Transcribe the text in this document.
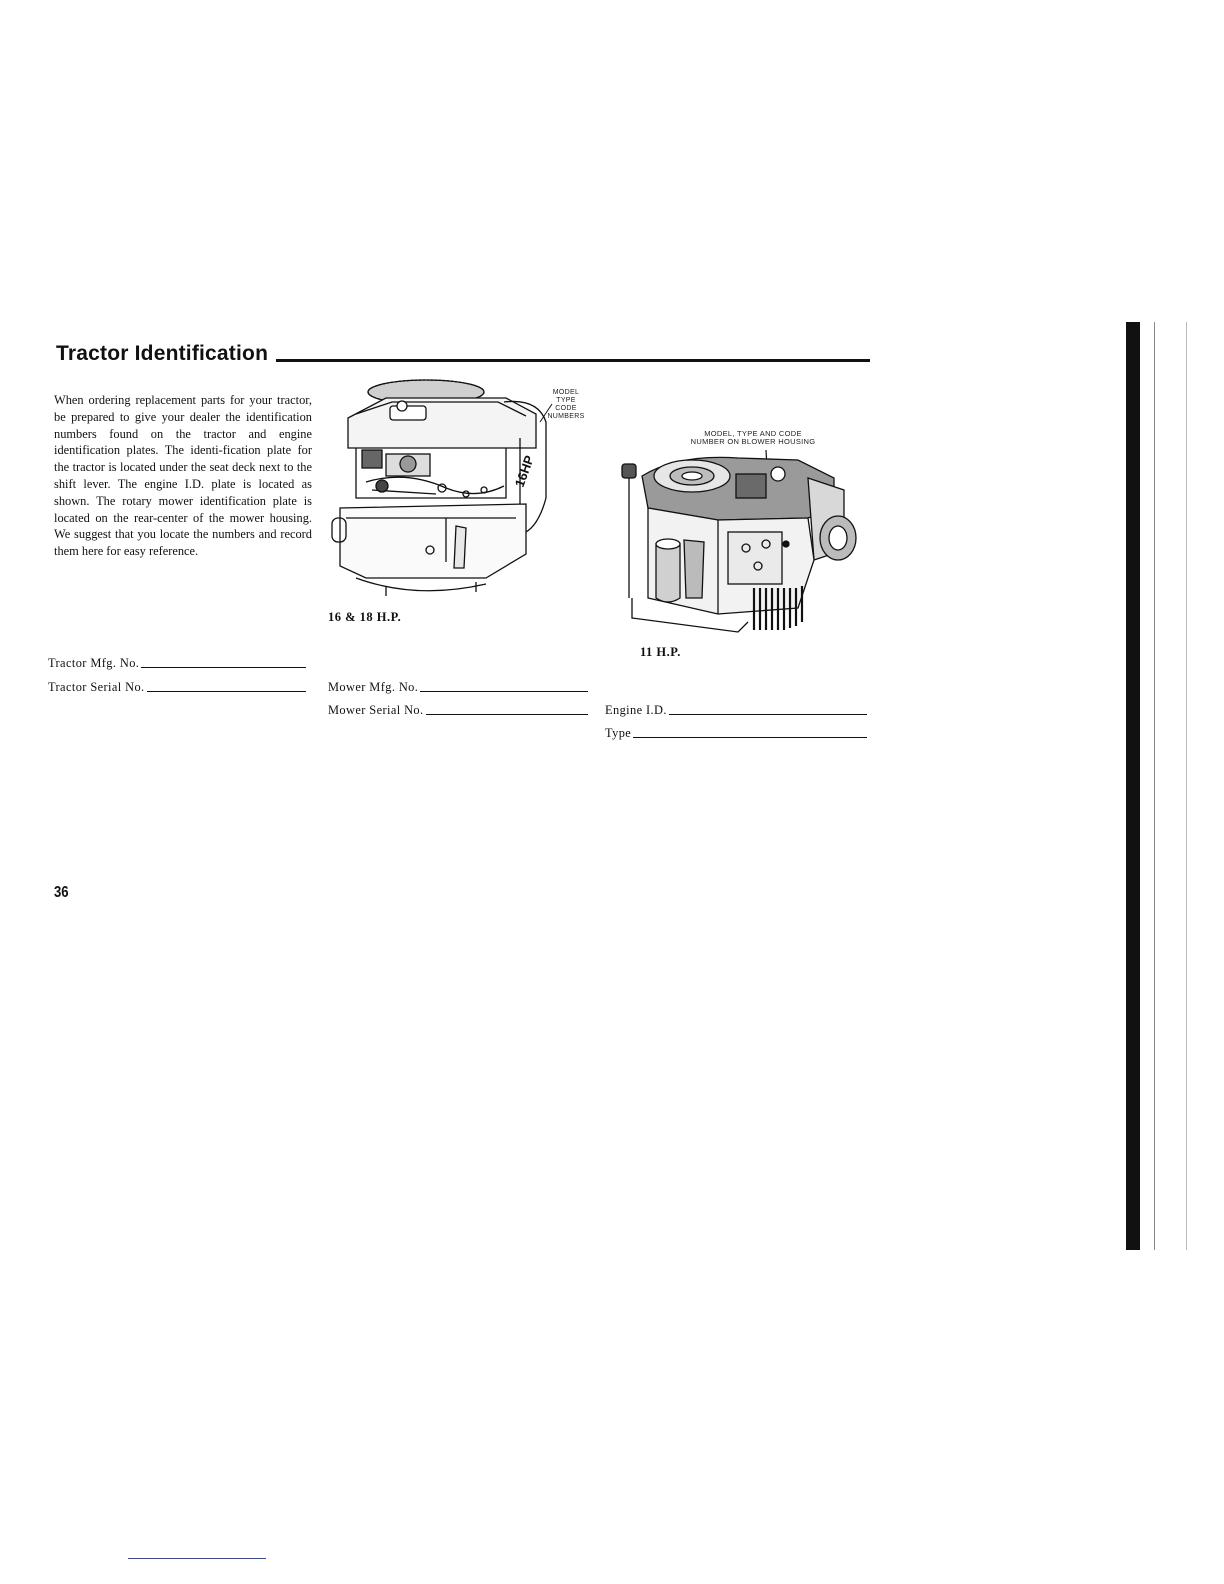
Tractor Identification
When ordering replacement parts for your tractor, be prepared to give your dealer the identification numbers found on the tractor and engine identification plates. The identi-fication plate for the tractor is located under the seat deck next to the shift lever. The engine I.D. plate is located as shown. The rotary mower identification plate is located on the rear-center of the mower housing. We suggest that you locate the numbers and record them here for easy reference.
16HP
MODEL
TYPE
CODE
NUMBERS
16 & 18 H.P.
MODEL, TYPE AND CODE
NUMBER ON BLOWER HOUSING
11 H.P.
Tractor Mfg. No.
Tractor Serial No.	Mower Mfg. No.
Mower Serial No.	Engine I.D.
Type
36
